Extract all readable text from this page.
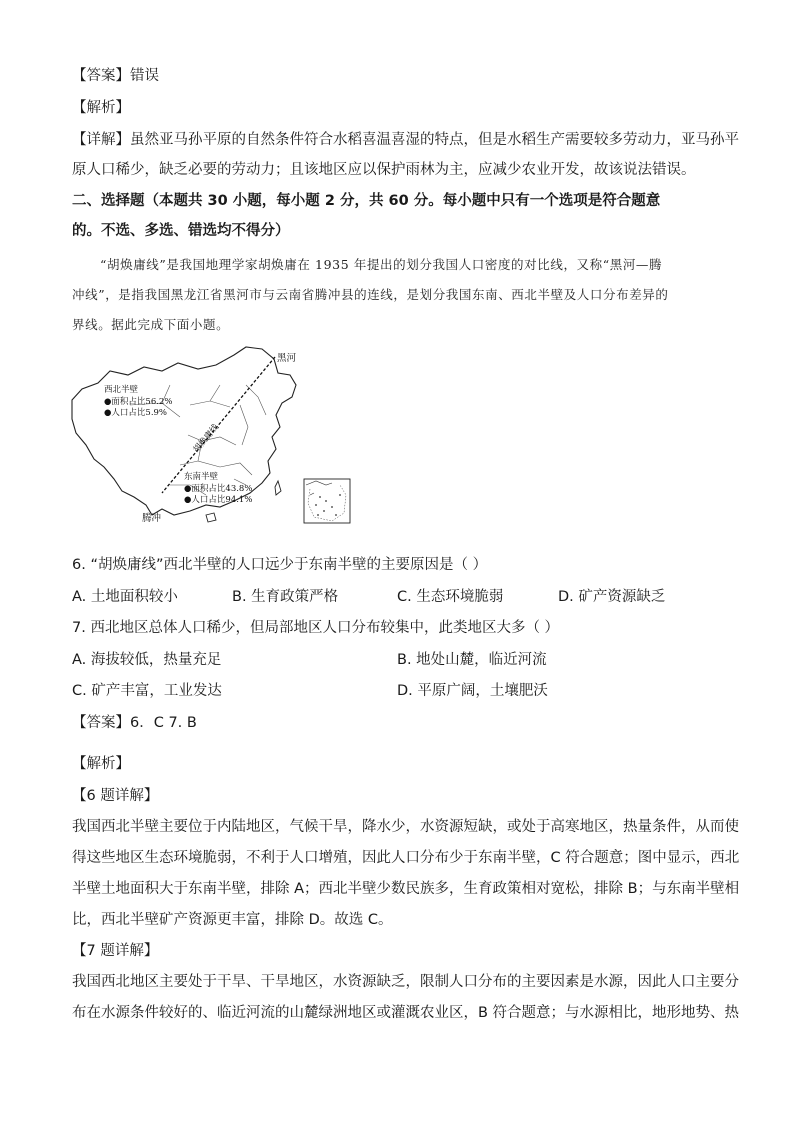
【答案】错误
【解析】
【详解】虽然亚马孙平原的自然条件符合水稻喜温喜湿的特点，但是水稻生产需要较多劳动力，亚马孙平
原人口稀少，缺乏必要的劳动力；且该地区应以保护雨林为主，应减少农业开发，故该说法错误。
二、选择题（本题共 30 小题，每小题 2 分，共 60 分。每小题中只有一个选项是符合题意
的。不选、多选、错选均不得分）
“胡焕庸线”是我国地理学家胡焕庸在 1935 年提出的划分我国人口密度的对比线，又称“黑河—腾
冲线”，是指我国黑龙江省黑河市与云南省腾冲县的连线，是划分我国东南、西北半壁及人口分布差异的
界线。据此完成下面小题。
黑河
腾冲
胡焕庸线
西北半壁
●面积占比56.2%
●人口占比5.9%
东南半壁
●面积占比43.8%
●人口占比94.1%
6. “胡焕庸线”西北半壁的人口远少于东南半壁的主要原因是（ ）
A. 土地面积较小	B. 生育政策严格	C. 生态环境脆弱	D. 矿产资源缺乏
7. 西北地区总体人口稀少，但局部地区人口分布较集中，此类地区大多（ ）
A. 海拔较低，热量充足	B. 地处山麓，临近河流
C. 矿产丰富，工业发达	D. 平原广阔，土壤肥沃
【答案】6．C 7. B
【解析】
【6 题详解】
我国西北半壁主要位于内陆地区，气候干旱，降水少，水资源短缺，或处于高寒地区，热量条件，从而使
得这些地区生态环境脆弱，不利于人口增殖，因此人口分布少于东南半壁，C 符合题意；图中显示，西北
半壁土地面积大于东南半壁，排除 A；西北半壁少数民族多，生育政策相对宽松，排除 B；与东南半壁相
比，西北半壁矿产资源更丰富，排除 D。故选 C。
【7 题详解】
我国西北地区主要处于干旱、干旱地区，水资源缺乏，限制人口分布的主要因素是水源，因此人口主要分
布在水源条件较好的、临近河流的山麓绿洲地区或灌溉农业区，B 符合题意；与水源相比，地形地势、热
